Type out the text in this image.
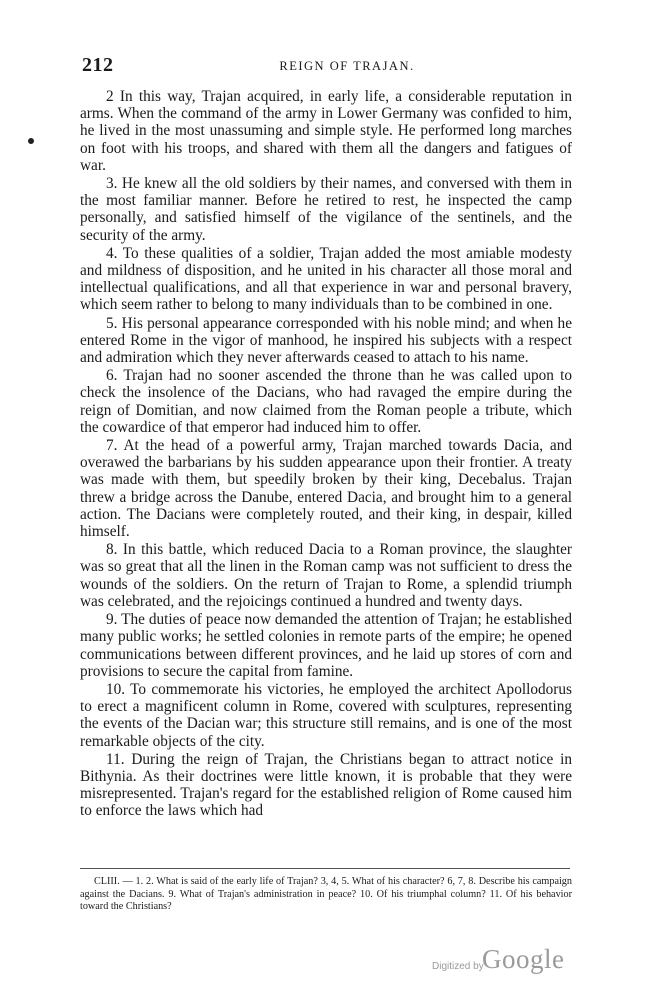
212	REIGN OF TRAJAN.

2 In this way, Trajan acquired, in early life, a considerable reputation in arms. When the command of the army in Lower Germany was confided to him, he lived in the most unassuming and simple style. He performed long marches on foot with his troops, and shared with them all the dangers and fatigues of war.

3. He knew all the old soldiers by their names, and conversed with them in the most familiar manner. Before he retired to rest, he inspected the camp personally, and satisfied himself of the vigilance of the sentinels, and the security of the army.

4. To these qualities of a soldier, Trajan added the most amiable modesty and mildness of disposition, and he united in his character all those moral and intellectual qualifications, and all that experience in war and personal bravery, which seem rather to belong to many individuals than to be combined in one.

5. His personal appearance corresponded with his noble mind; and when he entered Rome in the vigor of manhood, he inspired his subjects with a respect and admiration which they never afterwards ceased to attach to his name.

6. Trajan had no sooner ascended the throne than he was called upon to check the insolence of the Dacians, who had ravaged the empire during the reign of Domitian, and now claimed from the Roman people a tribute, which the cowardice of that emperor had induced him to offer.

7. At the head of a powerful army, Trajan marched towards Dacia, and overawed the barbarians by his sudden appearance upon their frontier. A treaty was made with them, but speedily broken by their king, Decebalus. Trajan threw a bridge across the Danube, entered Dacia, and brought him to a general action. The Dacians were completely routed, and their king, in despair, killed himself.

8. In this battle, which reduced Dacia to a Roman province, the slaughter was so great that all the linen in the Roman camp was not sufficient to dress the wounds of the soldiers. On the return of Trajan to Rome, a splendid triumph was celebrated, and the rejoicings continued a hundred and twenty days.

9. The duties of peace now demanded the attention of Trajan; he established many public works; he settled colonies in remote parts of the empire; he opened communications between different provinces, and he laid up stores of corn and provisions to secure the capital from famine.

10. To commemorate his victories, he employed the architect Apollodorus to erect a magnificent column in Rome, covered with sculptures, representing the events of the Dacian war; this structure still remains, and is one of the most remarkable objects of the city.

11. During the reign of Trajan, the Christians began to attract notice in Bithynia. As their doctrines were little known, it is probable that they were misrepresented. Trajan's regard for the established religion of Rome caused him to enforce the laws which had

CLIII. — 1. 2. What is said of the early life of Trajan? 3, 4, 5. What of his character? 6, 7, 8. Describe his campaign against the Dacians. 9. What of Trajan's administration in peace? 10. Of his triumphal column? 11. Of his behavior toward the Christians?

Digitized by
Google
